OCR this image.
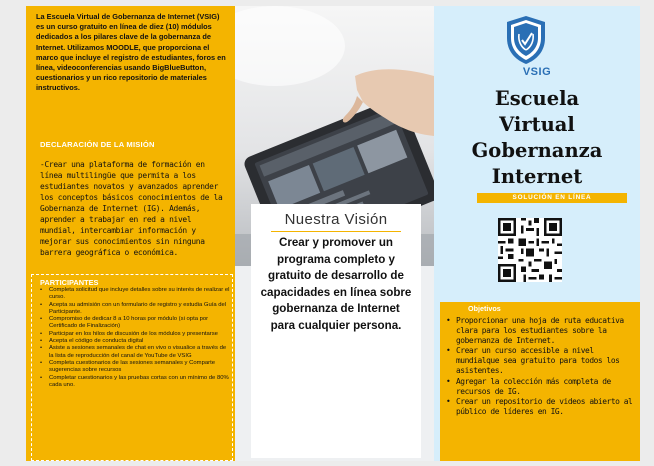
La Escuela Virtual de Gobernanza de Internet (VSIG) es un curso gratuito en línea de diez (10) módulos dedicados a los pilares clave de la gobernanza de Internet. Utilizamos MOODLE, que proporciona el marco que incluye el registro de estudiantes, foros en línea, videoconferencias usando BigBlueButton, cuestionarios y un rico repositorio de materiales instructivos.

DECLARACIÓN DE LA MISIÓN

-Crear una plataforma de formación en línea multilingüe que permita a los estudiantes novatos y avanzados aprender los conceptos básicos conocimientos de la Gobernanza de Internet (IG). Además, aprender a trabajar en red a nivel mundial, intercambiar información y mejorar sus conocimientos sin ninguna barrera geográfica o económica.

PARTICIPANTES
• Completa solicitud que incluye detalles sobre su interés de realizar el curso.
• Acepta su admisión con un formulario de registro y estudia Guía del Participante.
• Compromiso de dedicar 8 a 10 horas por módulo (si opta por Certificado de Finalización)
• Participar en los hilos de discusión de los módulos y presentarse
• Acepta el código de conducta digital
• Asiste a sesiones semanales de chat en vivo o visualice a través de la lista de reproducción del canal de YouTube de VSIG
• Completa cuestionarios de las sesiones semanales y Comparte sugerencias sobre recursos
• Completar cuestionarios y las pruebas cortas con un mínimo de 80% cada uno.
Nuestra Visión

Crear y promover un programa completo y gratuito de desarrollo de capacidades en línea sobre gobernanza de Internet para cualquier persona.

VSIG
Escuela
Virtual
Gobernanza
Internet
SOLUCIÓN EN LÍNEA
Objetivos
• Proporcionar una hoja de ruta educativa clara para los estudiantes sobre la gobernanza de Internet.
• Crear un curso accesible a nivel mundialque sea gratuito para todos los asistentes.
• Agregar la colección más completa de recursos de IG.
• Crear un repositorio de videos abierto al público de líderes en IG.
